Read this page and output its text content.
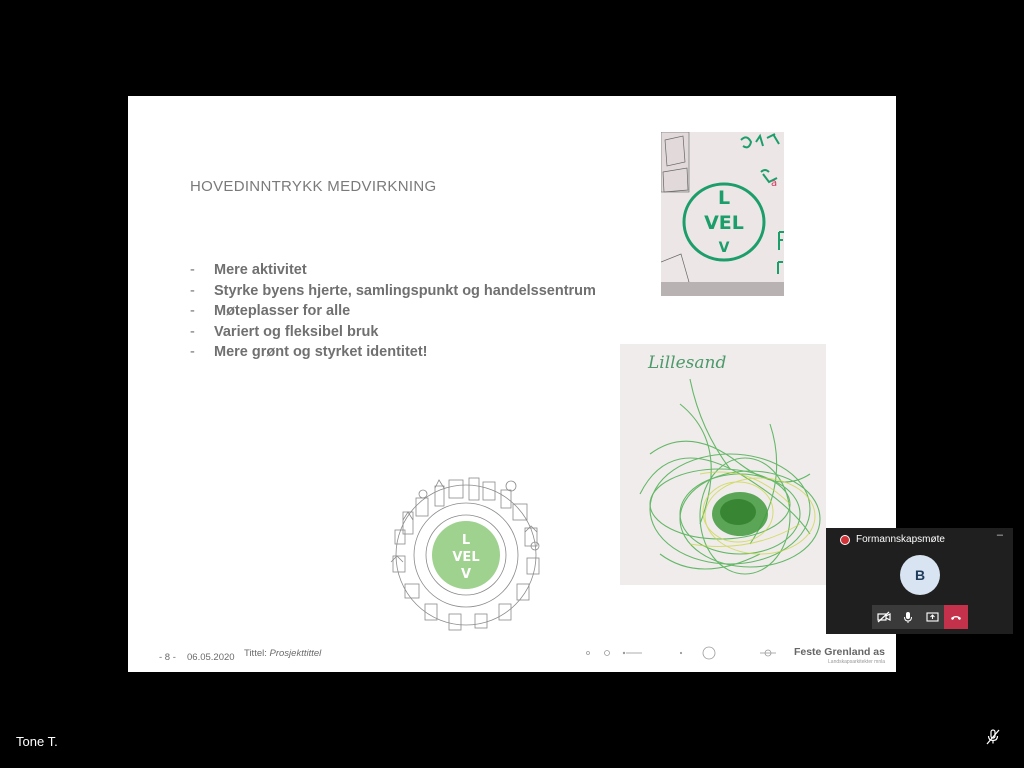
HOVEDINNTRYKK MEDVIRKNING
- Mere aktivitet
- Styrke byens hjerte, samlingspunkt og handelssentrum
- Møteplasser for alle
- Variert og fleksibel bruk
- Mere grønt og styrket identitet!
a
L
VEL
V
Lillesand
L
VEL
V
- 8 - 06.05.2020 Tittel: Prosjekttittel	Feste Grenland as
Landskapsarkitekter mnla
Formannskapsmøte	–
B
Tone T.
